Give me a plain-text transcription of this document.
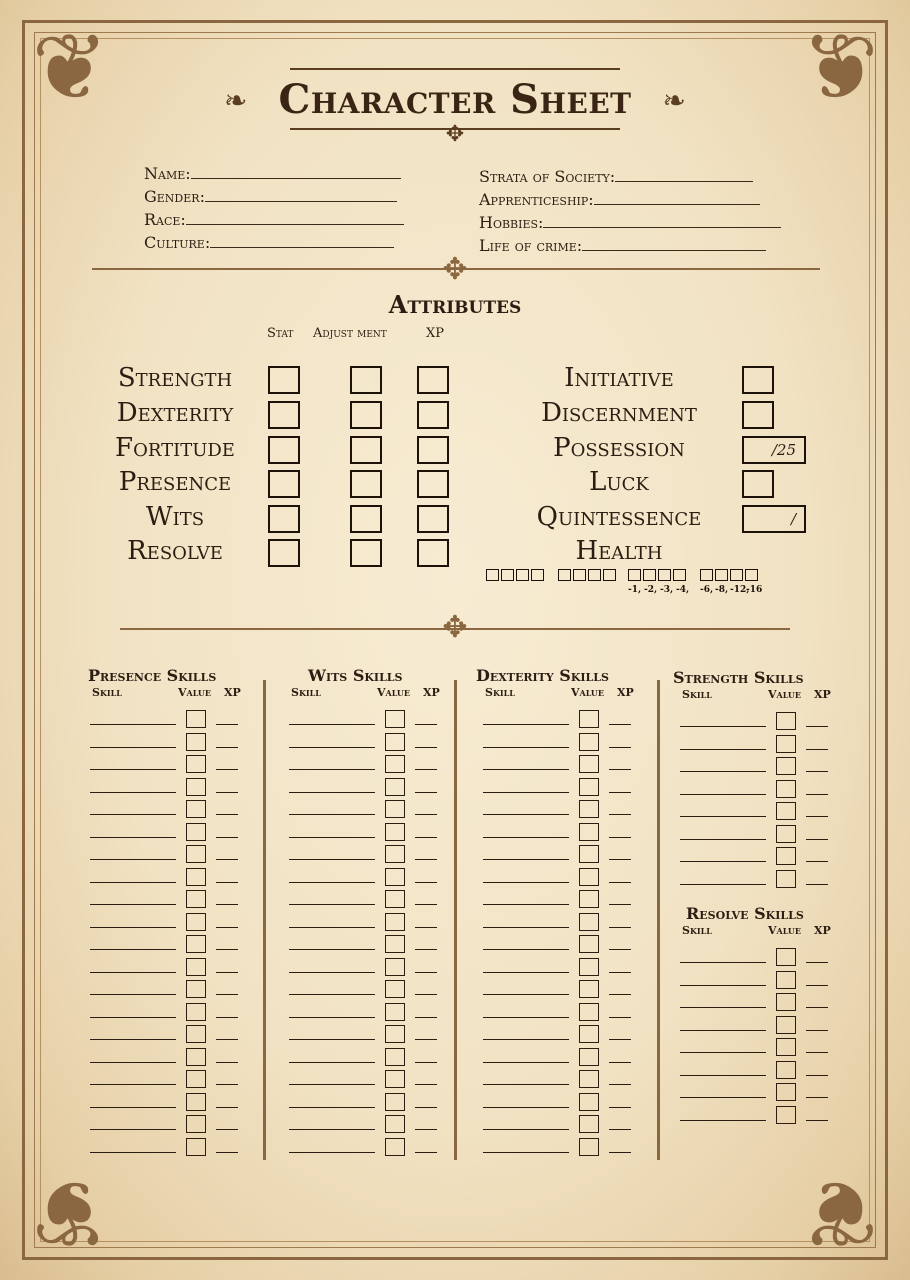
❦	❦
❦	❦
❧ Character Sheet	❧
✥
Name:
Gender:
Race:
Culture:
Strata of Society:
Apprenticeship:
Hobbies:
Life of crime:
✥
Attributes
Stat Adjust ment	XP
Strength
Dexterity
Fortitude
Presence
Wits
Resolve
Initiative
Discernment
Possession	/25
Luck
Quintessence	/
Health
-1, -2, -3, -4, -6, -8, -12,
-16
✥
Presence Skills
Skill	Value XP
Wits Skills
Skill	Value XP
Dexterity Skills
Skill	Value XP
Strength Skills
Skill	Value XP
Resolve Skills
Skill	Value XP
